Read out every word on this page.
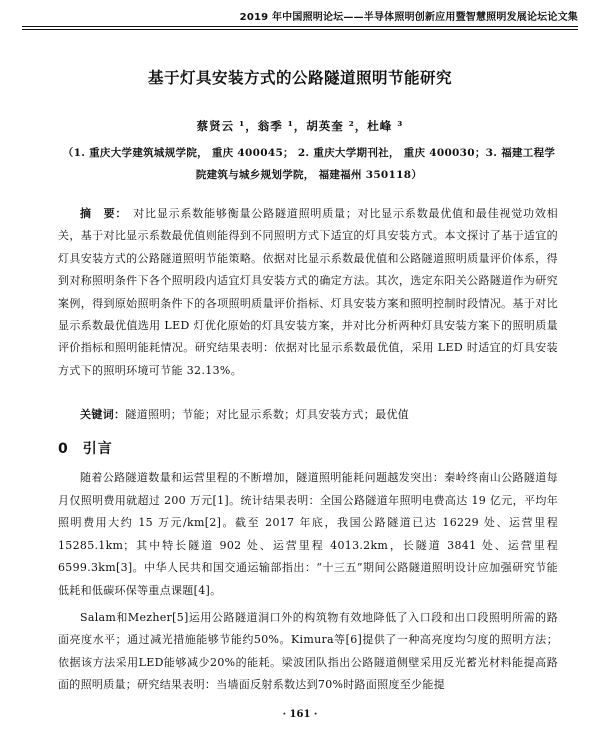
2019 年中国照明论坛——半导体照明创新应用暨智慧照明发展论坛论文集
基于灯具安装方式的公路隧道照明节能研究
蔡贤云 ¹，翁季 ¹，胡英奎 ²，杜峰 ³
（1. 重庆大学建筑城规学院， 重庆 400045； 2. 重庆大学期刊社， 重庆 400030；3. 福建工程学院建筑与城乡规划学院， 福建福州 350118）
摘　要： 对比显示系数能够衡量公路隧道照明质量；对比显示系数最优值和最佳视觉功效相关，基于对比显示系数最优值则能得到不同照明方式下适宜的灯具安装方式。本文探讨了基于适宜的灯具安装方式的公路隧道照明节能策略。依据对比显示系数最优值和公路隧道照明质量评价体系，得到对称照明条件下各个照明段内适宜灯具安装方式的确定方法。其次，选定东阳关公路隧道作为研究案例，得到原始照明条件下的各项照明质量评价指标、灯具安装方案和照明控制时段情况。基于对比显示系数最优值选用 LED 灯优化原始的灯具安装方案，并对比分析两种灯具安装方案下的照明质量评价指标和照明能耗情况。研究结果表明：依据对比显示系数最优值，采用 LED 时适宜的灯具安装方式下的照明环境可节能 32.13%。
关键词：隧道照明；节能；对比显示系数；灯具安装方式；最优值
0 引言

随着公路隧道数量和运营里程的不断增加，隧道照明能耗问题越发突出：秦岭终南山公路隧道每月仅照明费用就超过 200 万元[1]。统计结果表明：全国公路隧道年照明电费高达 19 亿元，平均年照明费用大约 15 万元/km[2]。截至 2017 年底，我国公路隧道已达 16229 处、运营里程 15285.1km；其中特长隧道 902 处、运营里程 4013.2km，长隧道 3841 处、运营里程 6599.3km[3]。中华人民共和国交通运输部指出：“十三五”期间公路隧道照明设计应加强研究节能低耗和低碳环保等重点课题[4]。

Salam和Mezher[5]运用公路隧道洞口外的构筑物有效地降低了入口段和出口段照明所需的路面亮度水平；通过减光措施能够节能约50%。Kimura等[6]提供了一种高亮度均匀度的照明方法；依据该方法采用LED能够减少20%的能耗。梁波团队指出公路隧道侧壁采用反光蓄光材料能提高路面的照明质量；研究结果表明：当墙面反射系数达到70%时路面照度至少能提

· 161 ·
